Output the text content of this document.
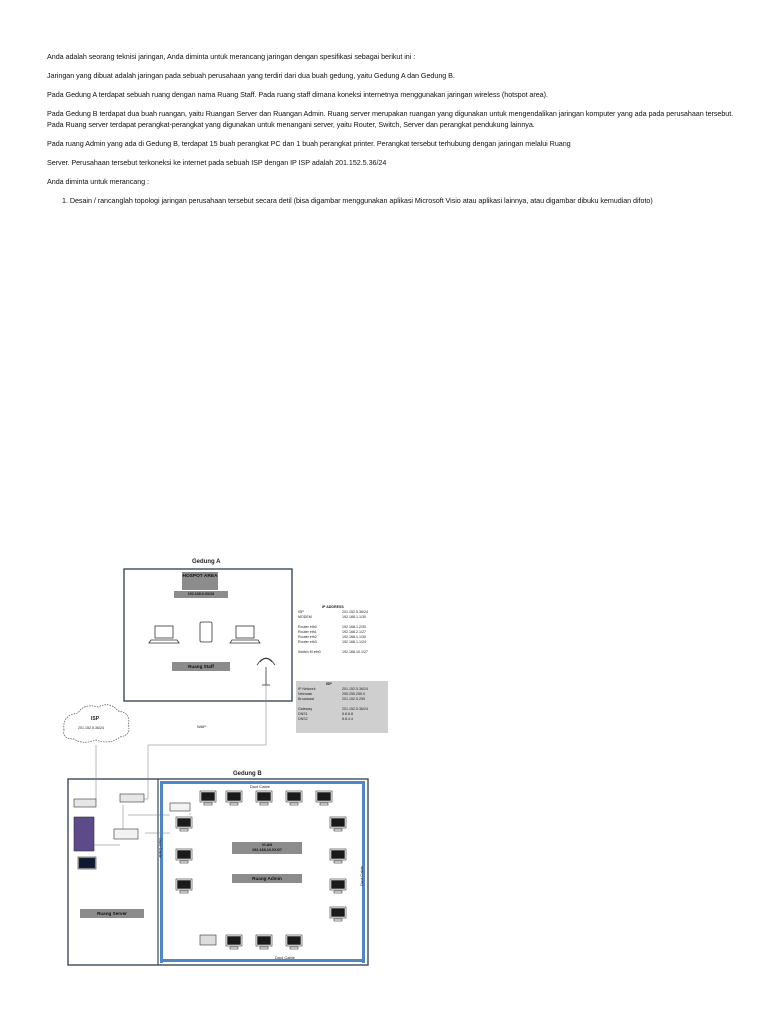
Anda adalah seorang teknisi jaringan, Anda diminta untuk merancang jaringan dengan spesifikasi sebagai berikut ini :

Jaringan yang dibuat adalah jaringan pada sebuah perusahaan yang terdiri dari dua buah gedung, yaitu Gedung A dan Gedung B.

Pada Gedung A terdapat sebuah ruang dengan nama Ruang Staff. Pada ruang staff dimana koneksi internetnya menggunakan jaringan wireless (hotspot area).

Pada Gedung B terdapat dua buah ruangan, yaitu Ruangan Server dan Ruangan Admin. Ruang server merupakan ruangan yang digunakan untuk mengendalikan jaringan komputer yang ada pada perusahaan tersebut. Pada Ruang server terdapat perangkat-perangkat yang digunakan untuk menangani server, yaitu Router, Switch, Server dan perangkat pendukung lainnya.

Pada ruang Admin yang ada di Gedung B, terdapat 15 buah perangkat PC dan 1 buah perangkat printer. Perangkat tersebut terhubung dengan jaringan melalui Ruang

Server. Perusahaan tersebut terkoneksi ke internet pada sebuah ISP dengan IP ISP adalah 201.152.5.36/24

Anda diminta untuk merancang :

1. Desain / rancanglah topologi jaringan perusahaan tersebut secara detil (bisa digambar menggunakan aplikasi Microsoft Visio atau aplikasi lainnya, atau digambar dibuku kemudian difoto)
Gedung A
HOSPOT AREA
192.168.0.X0/28
Ruang Staff
WAP
ISP
201.152.5.36/24
Gedung B
Duct Cable
Duct Cable
Duct Cable
Duct Cable
VLAN
192.168.10.0X/27
Ruang Admin
Ruang Server
IP ADDRESS
ISP	201.152.5.36/24
MODEM	192.168.1.1/30

Router eth0	192.168.1.2/30
Router eth1	192.168.2.1/27
Router eth2	192.168.1.1/30
Router eth3	192.168.1.1/24

Switch M eth0	192.168.10.1/27
ISP
IP Network	201.152.5.36/24
Netmask	255.255.255.0
Broadcast	201.152.5.255

Gateway	201.152.5.36/24
DNS1	8.8.8.8
DNS2	8.8.4.4
